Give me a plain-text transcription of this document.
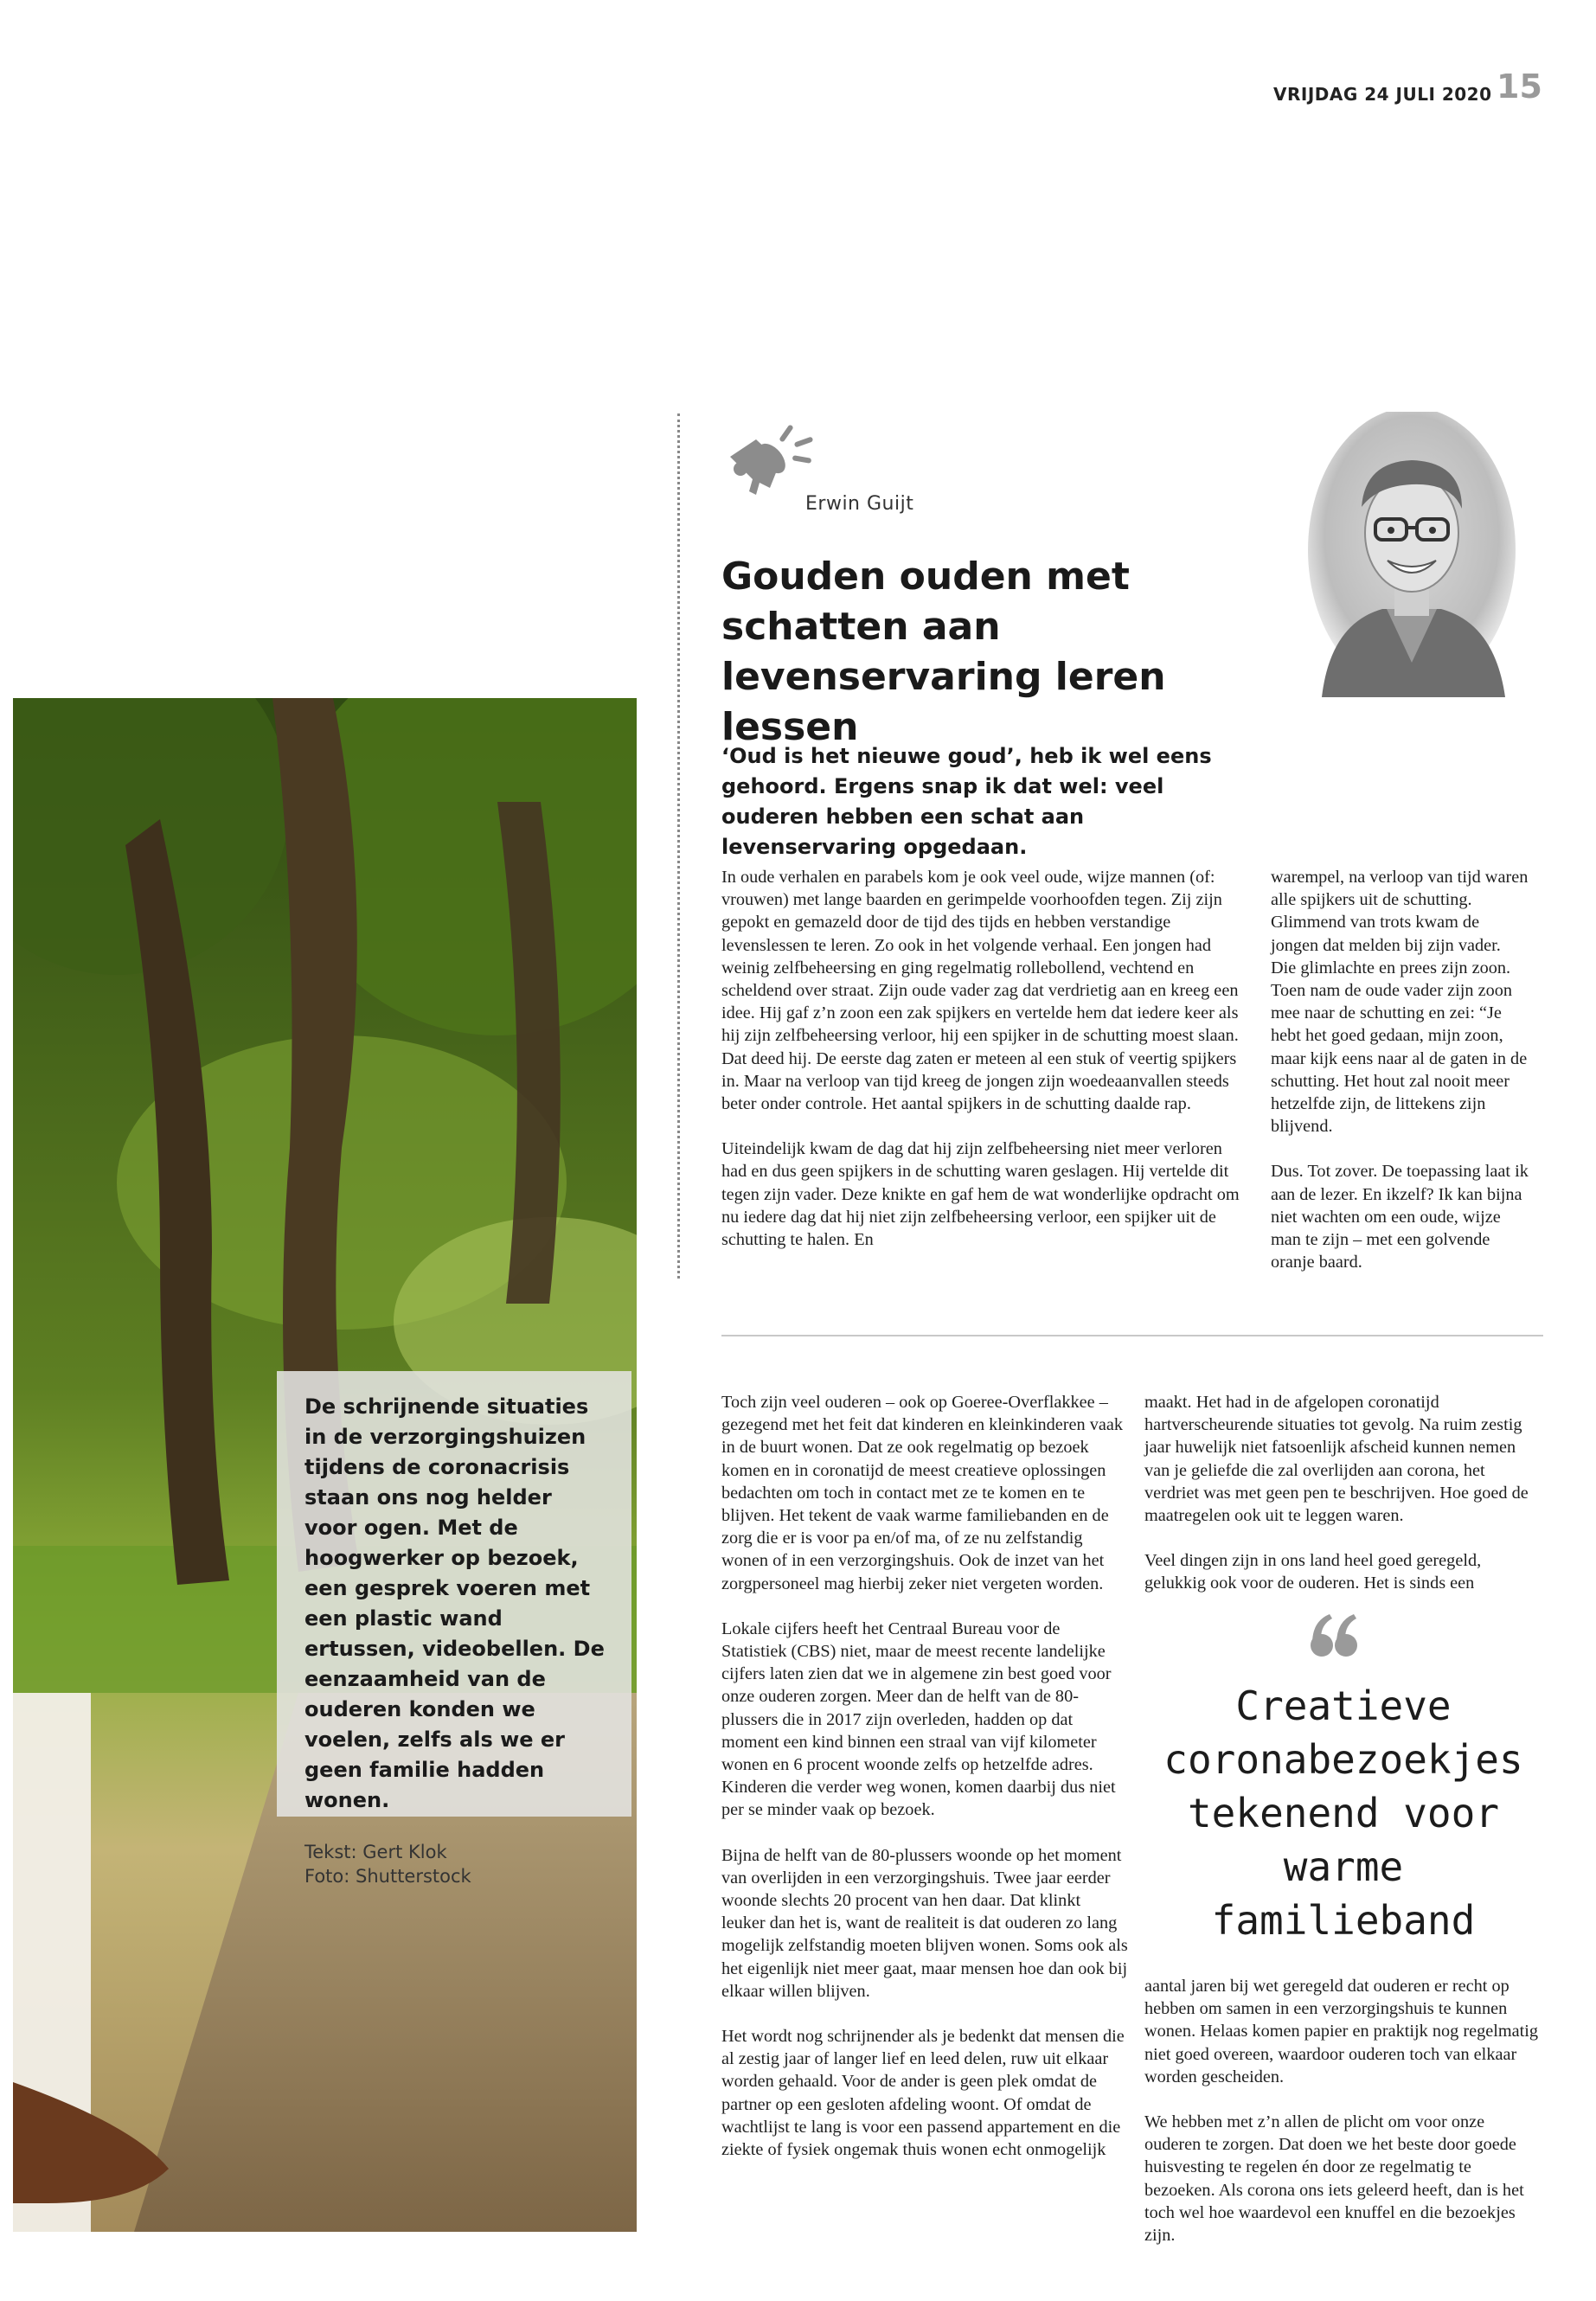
VRIJDAG 24 JULI 2020 15
Erwin Guijt
Gouden ouden met schatten aan levenservaring leren lessen
‘Oud is het nieuwe goud’, heb ik wel eens gehoord. Ergens snap ik dat wel: veel ouderen hebben een schat aan levenservaring opgedaan.

In oude verhalen en parabels kom je ook veel oude, wijze mannen (of: vrouwen) met lange baarden en gerimpelde voorhoofden tegen. Zij zijn gepokt en gemazeld door de tijd des tijds en hebben verstandige levenslessen te leren. Zo ook in het volgende verhaal. Een jongen had weinig zelfbeheersing en ging regelmatig rollebollend, vechtend en scheldend over straat. Zijn oude vader zag dat verdrietig aan en kreeg een idee. Hij gaf z’n zoon een zak spijkers en vertelde hem dat iedere keer als hij zijn zelfbeheersing verloor, hij een spijker in de schutting moest slaan. Dat deed hij. De eerste dag zaten er meteen al een stuk of veertig spijkers in. Maar na verloop van tijd kreeg de jongen zijn woedeaanvallen steeds beter onder controle. Het aantal spijkers in de schutting daalde rap.

Uiteindelijk kwam de dag dat hij zijn zelfbeheersing niet meer verloren had en dus geen spijkers in de schutting waren geslagen. Hij vertelde dit tegen zijn vader. Deze knikte en gaf hem de wat wonderlijke opdracht om nu iedere dag dat hij niet zijn zelfbeheersing verloor, een spijker uit de schutting te halen. En

warempel, na verloop van tijd waren alle spijkers uit de schutting. Glimmend van trots kwam de jongen dat melden bij zijn vader. Die glimlachte en prees zijn zoon. Toen nam de oude vader zijn zoon mee naar de schutting en zei: “Je hebt het goed gedaan, mijn zoon, maar kijk eens naar al de gaten in de schutting. Het hout zal nooit meer hetzelfde zijn, de littekens zijn blijvend.

Dus. Tot zover. De toepassing laat ik aan de lezer. En ikzelf? Ik kan bijna niet wachten om een oude, wijze man te zijn – met een golvende oranje baard.

De schrijnende situaties in de verzorgingshuizen tijdens de coronacrisis staan ons nog helder voor ogen. Met de hoogwerker op bezoek, een gesprek voeren met een plastic wand ertussen, videobellen. De eenzaamheid van de ouderen konden we voelen, zelfs als we er geen familie hadden wonen.
Tekst: Gert Klok
Foto: Shutterstock

Toch zijn veel ouderen – ook op Goeree-Overflakkee – gezegend met het feit dat kinderen en kleinkinderen vaak in de buurt wonen. Dat ze ook regelmatig op bezoek komen en in coronatijd de meest creatieve oplossingen bedachten om toch in contact met ze te komen en te blijven. Het tekent de vaak warme familiebanden en de zorg die er is voor pa en/of ma, of ze nu zelfstandig wonen of in een verzorgingshuis. Ook de inzet van het zorgpersoneel mag hierbij zeker niet vergeten worden.

Lokale cijfers heeft het Centraal Bureau voor de Statistiek (CBS) niet, maar de meest recente landelijke cijfers laten zien dat we in algemene zin best goed voor onze ouderen zorgen. Meer dan de helft van de 80-plussers die in 2017 zijn overleden, hadden op dat moment een kind binnen een straal van vijf kilometer wonen en 6 procent woonde zelfs op hetzelfde adres. Kinderen die verder weg wonen, komen daarbij dus niet per se minder vaak op bezoek.

Bijna de helft van de 80-plussers woonde op het moment van overlijden in een verzorgingshuis. Twee jaar eerder woonde slechts 20 procent van hen daar. Dat klinkt leuker dan het is, want de realiteit is dat ouderen zo lang mogelijk zelfstandig moeten blijven wonen. Soms ook als het eigenlijk niet meer gaat, maar mensen hoe dan ook bij elkaar willen blijven.

Het wordt nog schrijnender als je bedenkt dat mensen die al zestig jaar of langer lief en leed delen, ruw uit elkaar worden gehaald. Voor de ander is geen plek omdat de partner op een gesloten afdeling woont. Of omdat de wachtlijst te lang is voor een passend appartement en die ziekte of fysiek ongemak thuis wonen echt onmogelijk

maakt. Het had in de afgelopen coronatijd hartverscheurende situaties tot gevolg. Na ruim zestig jaar huwelijk niet fatsoenlijk afscheid kunnen nemen van je geliefde die zal overlijden aan corona, het verdriet was met geen pen te beschrijven. Hoe goed de maatregelen ook uit te leggen waren.

Veel dingen zijn in ons land heel goed geregeld, gelukkig ook voor de ouderen. Het is sinds een

Creatieve coronabezoekjes tekenend voor warme familieband

aantal jaren bij wet geregeld dat ouderen er recht op hebben om samen in een verzorgingshuis te kunnen wonen. Helaas komen papier en praktijk nog regelmatig niet goed overeen, waardoor ouderen toch van elkaar worden gescheiden.

We hebben met z’n allen de plicht om voor onze ouderen te zorgen. Dat doen we het beste door goede huisvesting te regelen én door ze regelmatig te bezoeken. Als corona ons iets geleerd heeft, dan is het toch wel hoe waardevol een knuffel en die bezoekjes zijn.
